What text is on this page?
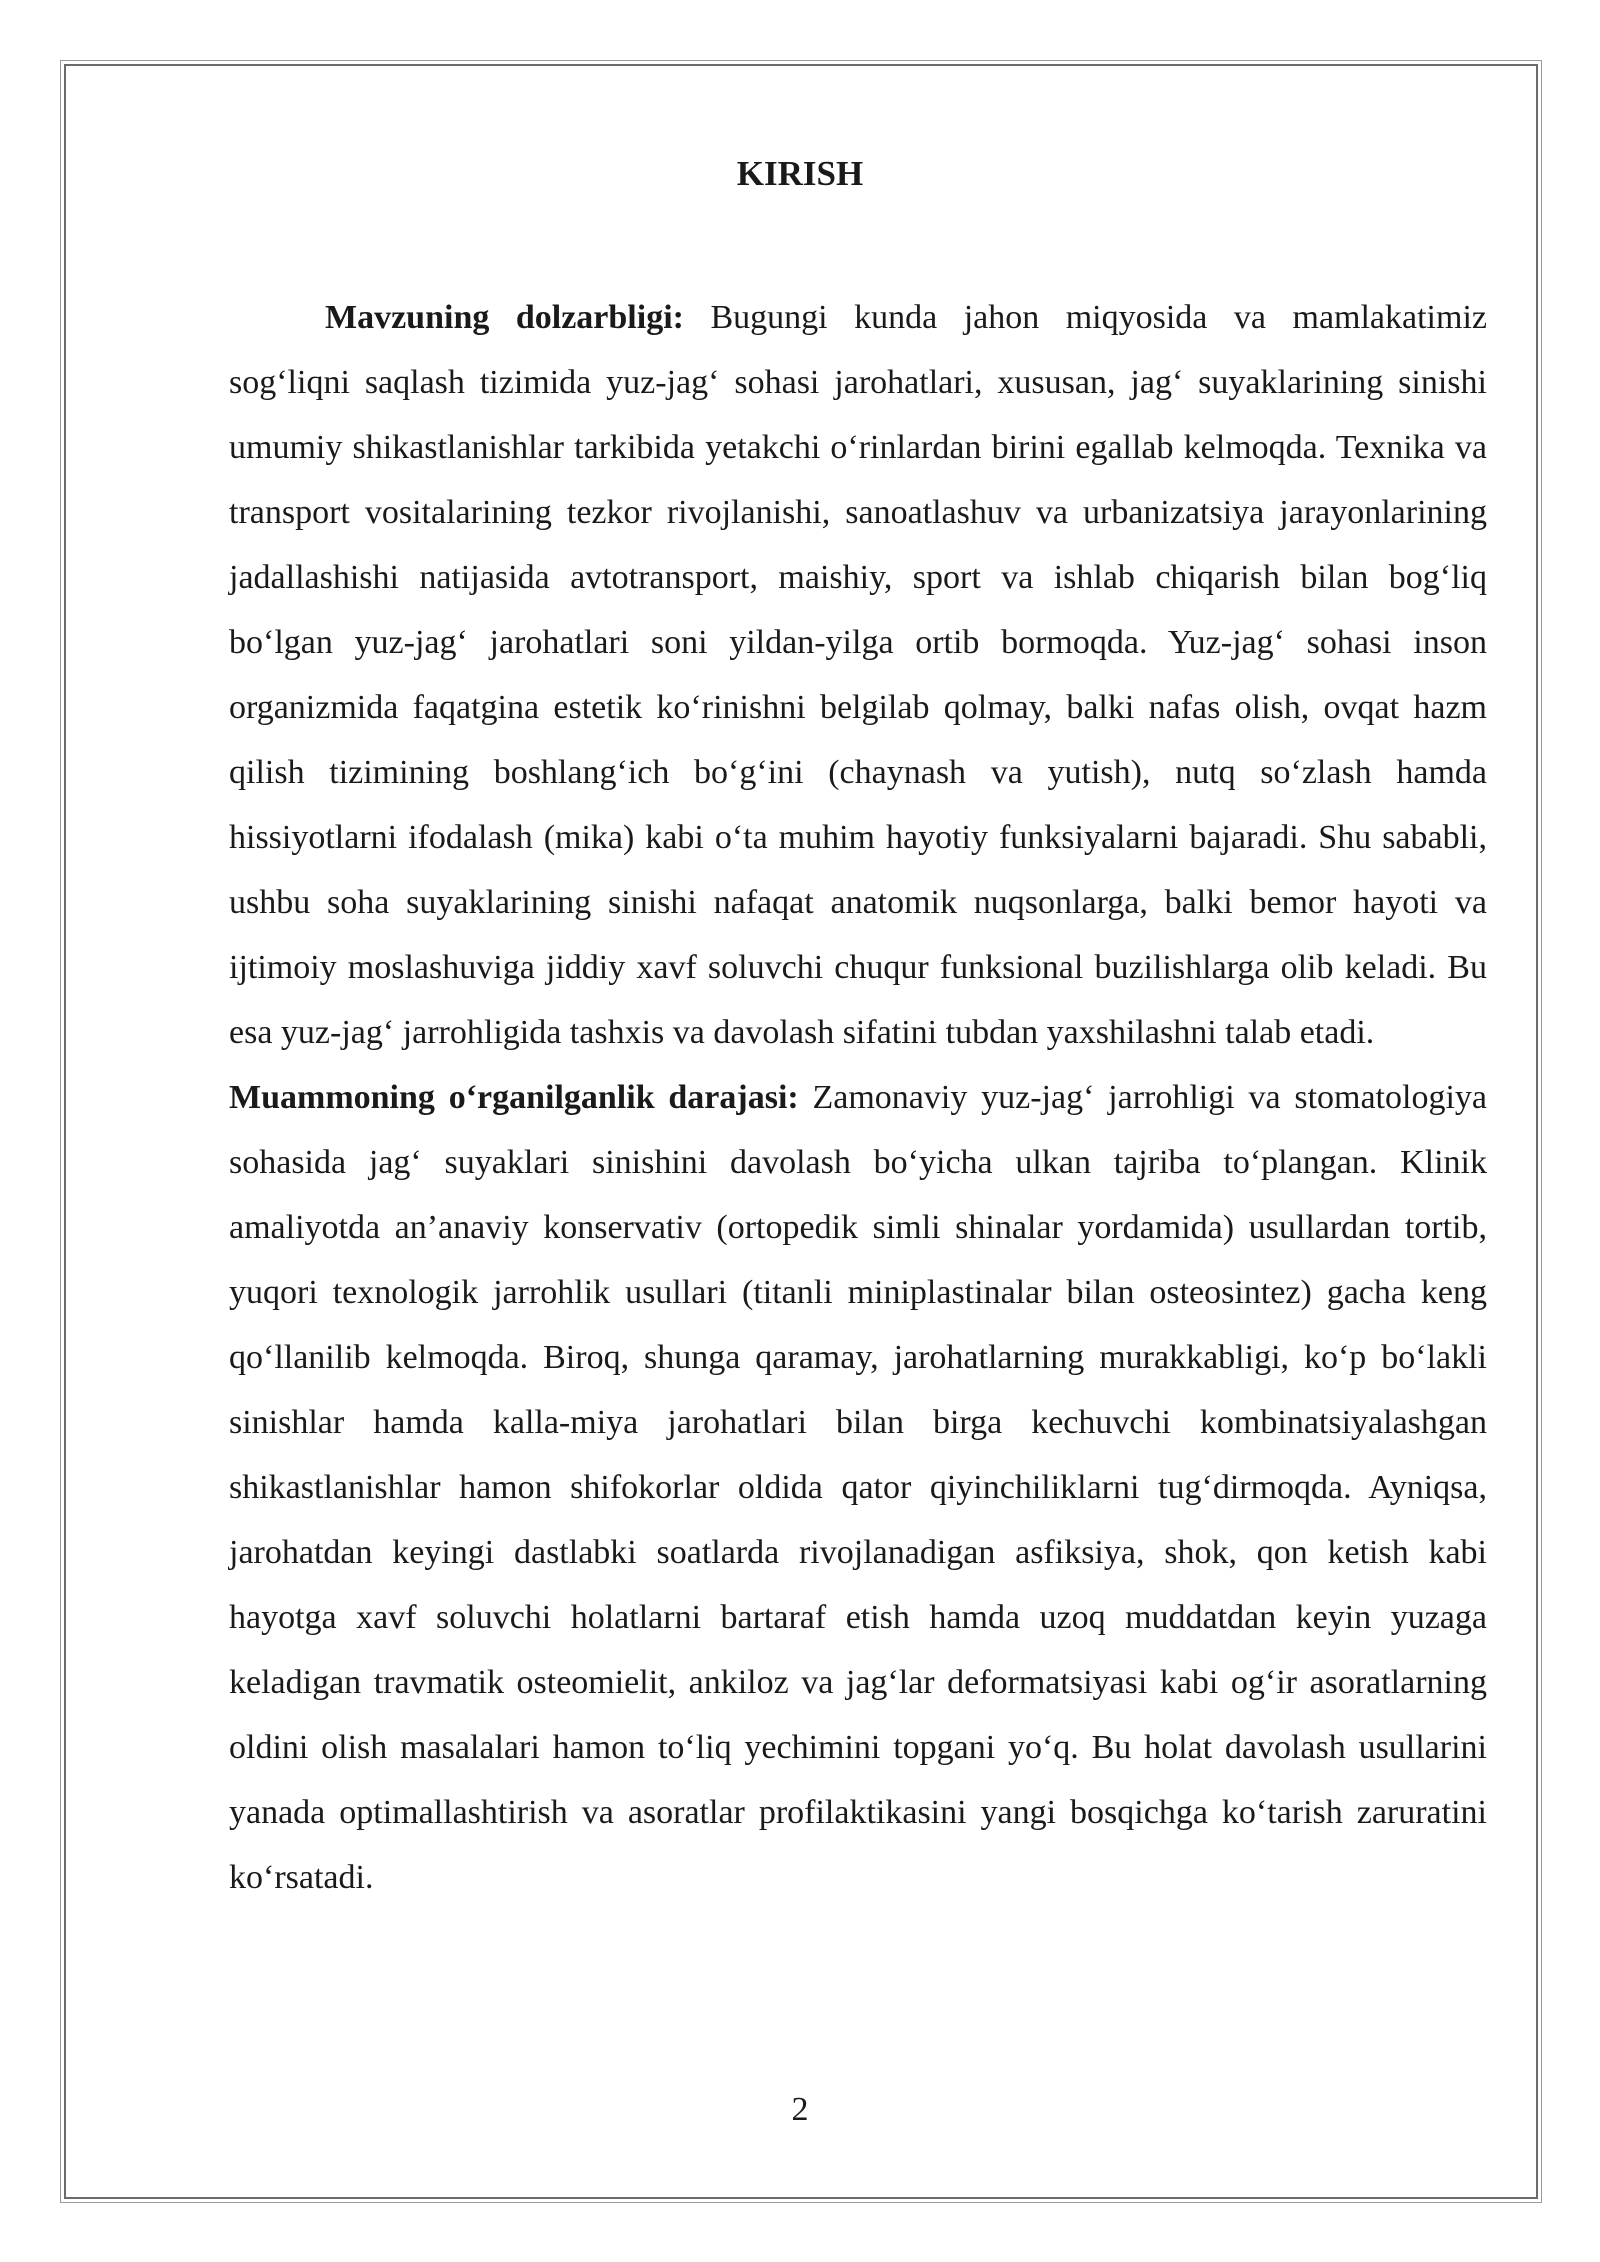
KIRISH

Mavzuning dolzarbligi: Bugungi kunda jahon miqyosida va mamlakatimiz sog‘liqni saqlash tizimida yuz-jag‘ sohasi jarohatlari, xususan, jag‘ suyaklarining sinishi umumiy shikastlanishlar tarkibida yetakchi o‘rinlardan birini egallab kelmoqda. Texnika va transport vositalarining tezkor rivojlanishi, sanoatlashuv va urbanizatsiya jarayonlarining jadallashishi natijasida avtotransport, maishiy, sport va ishlab chiqarish bilan bog‘liq bo‘lgan yuz-jag‘ jarohatlari soni yildan-yilga ortib bormoqda. Yuz-jag‘ sohasi inson organizmida faqatgina estetik ko‘rinishni belgilab qolmay, balki nafas olish, ovqat hazm qilish tizimining boshlang‘ich bo‘g‘ini (chaynash va yutish), nutq so‘zlash hamda hissiyotlarni ifodalash (mika) kabi o‘ta muhim hayotiy funksiyalarni bajaradi. Shu sababli, ushbu soha suyaklarining sinishi nafaqat anatomik nuqsonlarga, balki bemor hayoti va ijtimoiy moslashuviga jiddiy xavf soluvchi chuqur funksional buzilishlarga olib keladi. Bu esa yuz-jag‘ jarrohligida tashxis va davolash sifatini tubdan yaxshilashni talab etadi.

Muammoning o‘rganilganlik darajasi: Zamonaviy yuz-jag‘ jarrohligi va stomatologiya sohasida jag‘ suyaklari sinishini davolash bo‘yicha ulkan tajriba to‘plangan. Klinik amaliyotda an’anaviy konservativ (ortopedik simli shinalar yordamida) usullardan tortib, yuqori texnologik jarrohlik usullari (titanli miniplastinalar bilan osteosintez) gacha keng qo‘llanilib kelmoqda. Biroq, shunga qaramay, jarohatlarning murakkabligi, ko‘p bo‘lakli sinishlar hamda kalla-miya jarohatlari bilan birga kechuvchi kombinatsiyalashgan shikastlanishlar hamon shifokorlar oldida qator qiyinchiliklarni tug‘dirmoqda. Ayniqsa, jarohatdan keyingi dastlabki soatlarda rivojlanadigan asfiksiya, shok, qon ketish kabi hayotga xavf soluvchi holatlarni bartaraf etish hamda uzoq muddatdan keyin yuzaga keladigan travmatik osteomielit, ankiloz va jag‘lar deformatsiyasi kabi og‘ir asoratlarning oldini olish masalalari hamon to‘liq yechimini topgani yo‘q. Bu holat davolash usullarini yanada optimallashtirish va asoratlar profilaktikasini yangi bosqichga ko‘tarish zaruratini ko‘rsatadi.

2
